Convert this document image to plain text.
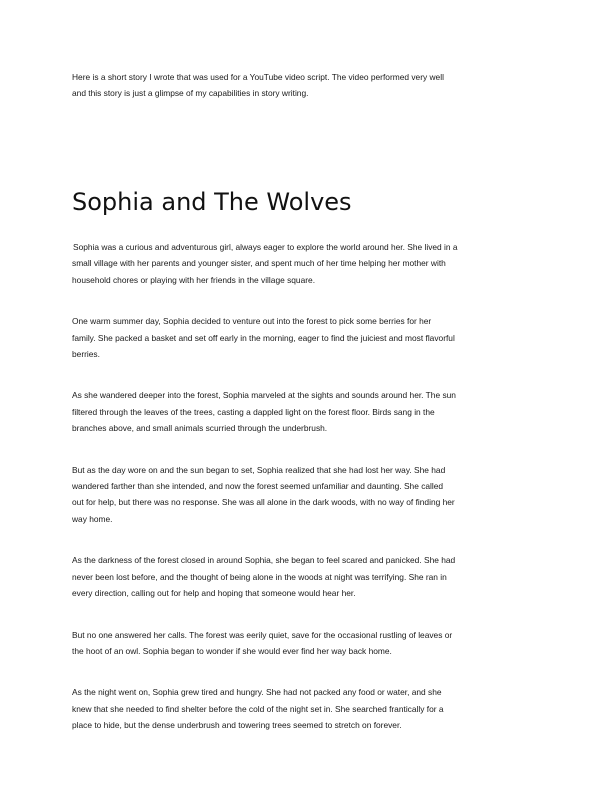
Here is a short story I wrote that was used for a YouTube video script. The video performed very well
and this story is just a glimpse of my capabilities in story writing.

Sophia and The Wolves

Sophia was a curious and adventurous girl, always eager to explore the world around her. She lived in a
small village with her parents and younger sister, and spent much of her time helping her mother with
household chores or playing with her friends in the village square.

One warm summer day, Sophia decided to venture out into the forest to pick some berries for her
family. She packed a basket and set off early in the morning, eager to find the juiciest and most flavorful
berries.

As she wandered deeper into the forest, Sophia marveled at the sights and sounds around her. The sun
filtered through the leaves of the trees, casting a dappled light on the forest floor. Birds sang in the
branches above, and small animals scurried through the underbrush.

But as the day wore on and the sun began to set, Sophia realized that she had lost her way. She had
wandered farther than she intended, and now the forest seemed unfamiliar and daunting. She called
out for help, but there was no response. She was all alone in the dark woods, with no way of finding her
way home.

As the darkness of the forest closed in around Sophia, she began to feel scared and panicked. She had
never been lost before, and the thought of being alone in the woods at night was terrifying. She ran in
every direction, calling out for help and hoping that someone would hear her.

But no one answered her calls. The forest was eerily quiet, save for the occasional rustling of leaves or
the hoot of an owl. Sophia began to wonder if she would ever find her way back home.

As the night went on, Sophia grew tired and hungry. She had not packed any food or water, and she
knew that she needed to find shelter before the cold of the night set in. She searched frantically for a
place to hide, but the dense underbrush and towering trees seemed to stretch on forever.
